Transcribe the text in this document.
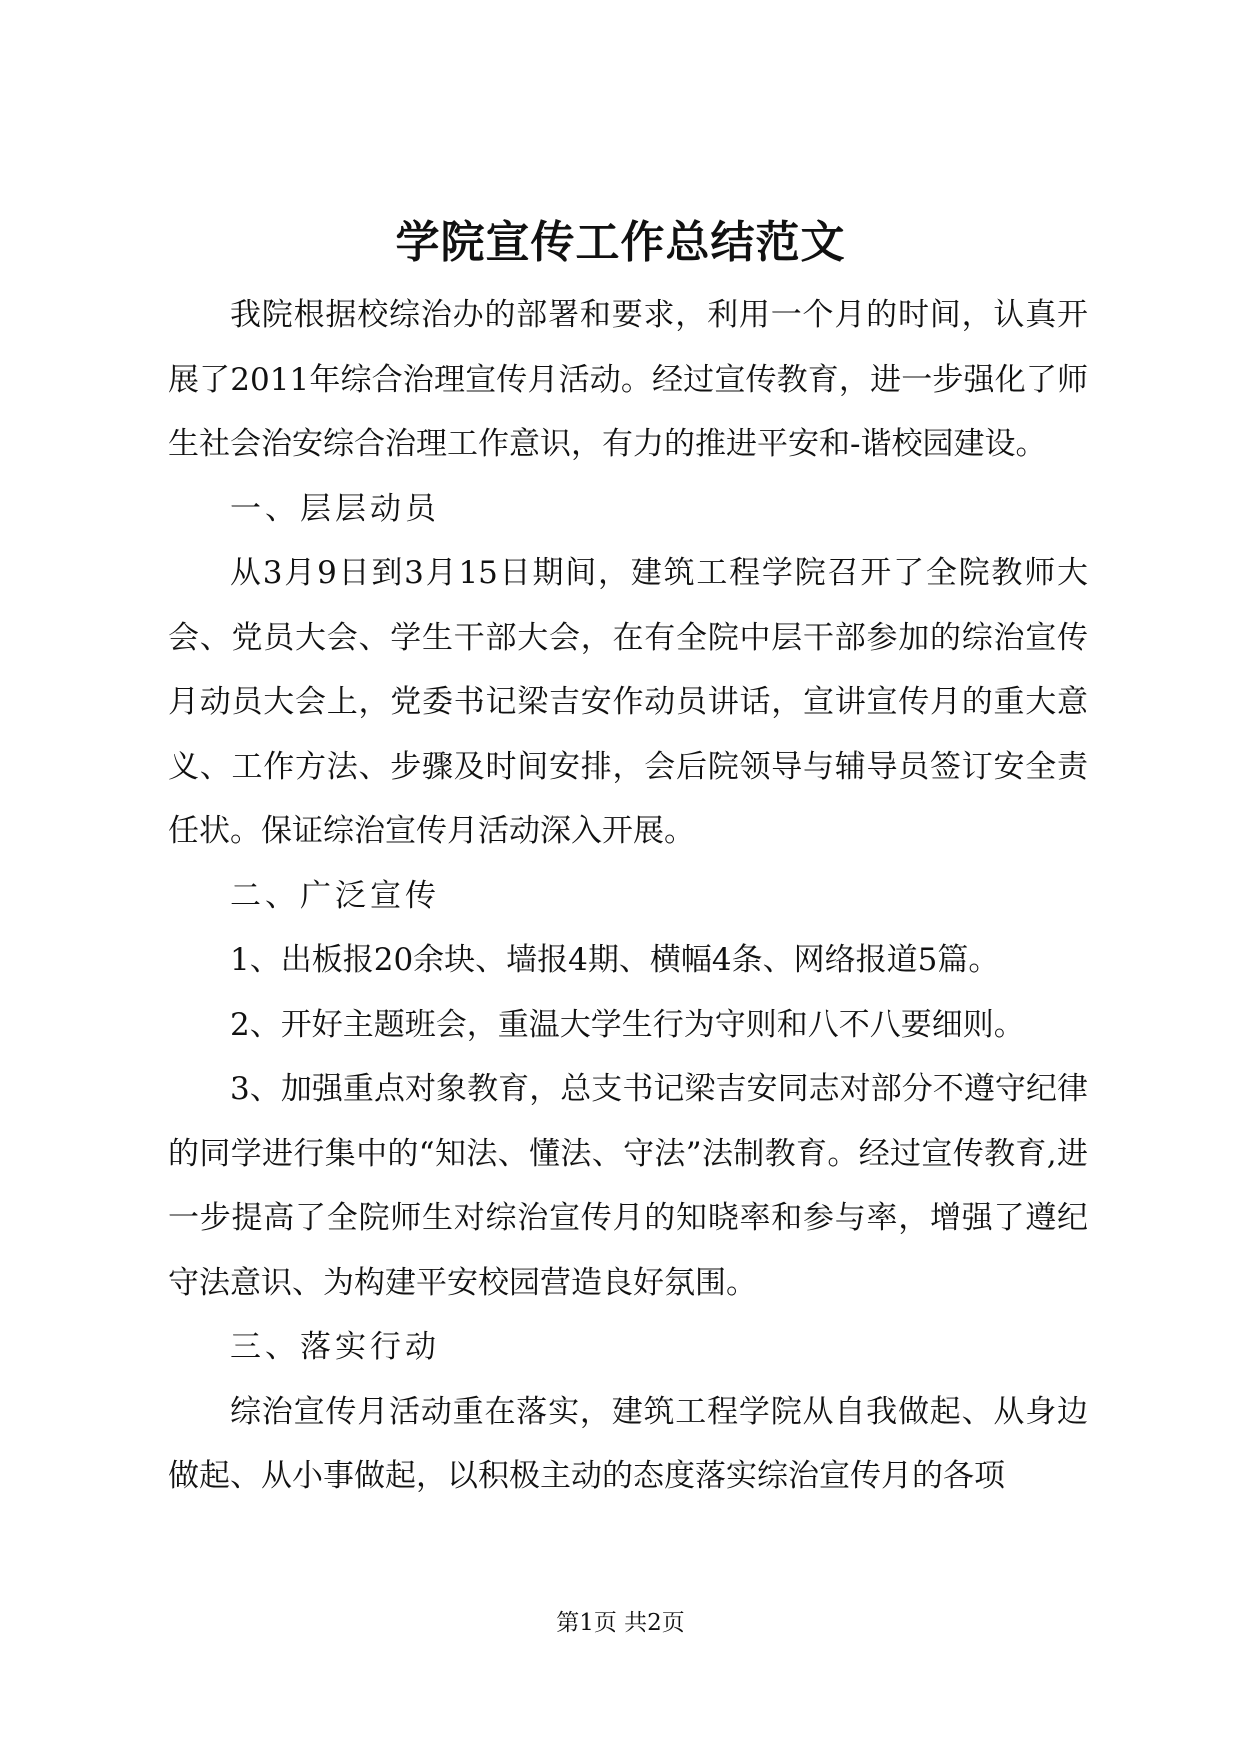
学院宣传工作总结范文

我院根据校综治办的部署和要求，利用一个月的时间，认真开展了2011年综合治理宣传月活动。经过宣传教育，进一步强化了师生社会治安综合治理工作意识，有力的推进平安和-谐校园建设。

一、层层动员

从3月9日到3月15日期间，建筑工程学院召开了全院教师大会、党员大会、学生干部大会，在有全院中层干部参加的综治宣传月动员大会上，党委书记梁吉安作动员讲话，宣讲宣传月的重大意义、工作方法、步骤及时间安排，会后院领导与辅导员签订安全责任状。保证综治宣传月活动深入开展。

二、广泛宣传

1、出板报20余块、墙报4期、横幅4条、网络报道5篇。

2、开好主题班会，重温大学生行为守则和八不八要细则。

3、加强重点对象教育，总支书记梁吉安同志对部分不遵守纪律的同学进行集中的“知法、懂法、守法”法制教育。经过宣传教育,进一步提高了全院师生对综治宣传月的知晓率和参与率，增强了遵纪守法意识、为构建平安校园营造良好氛围。

三、落实行动

综治宣传月活动重在落实，建筑工程学院从自我做起、从身边做起、从小事做起，以积极主动的态度落实综治宣传月的各项

第1页 共2页
